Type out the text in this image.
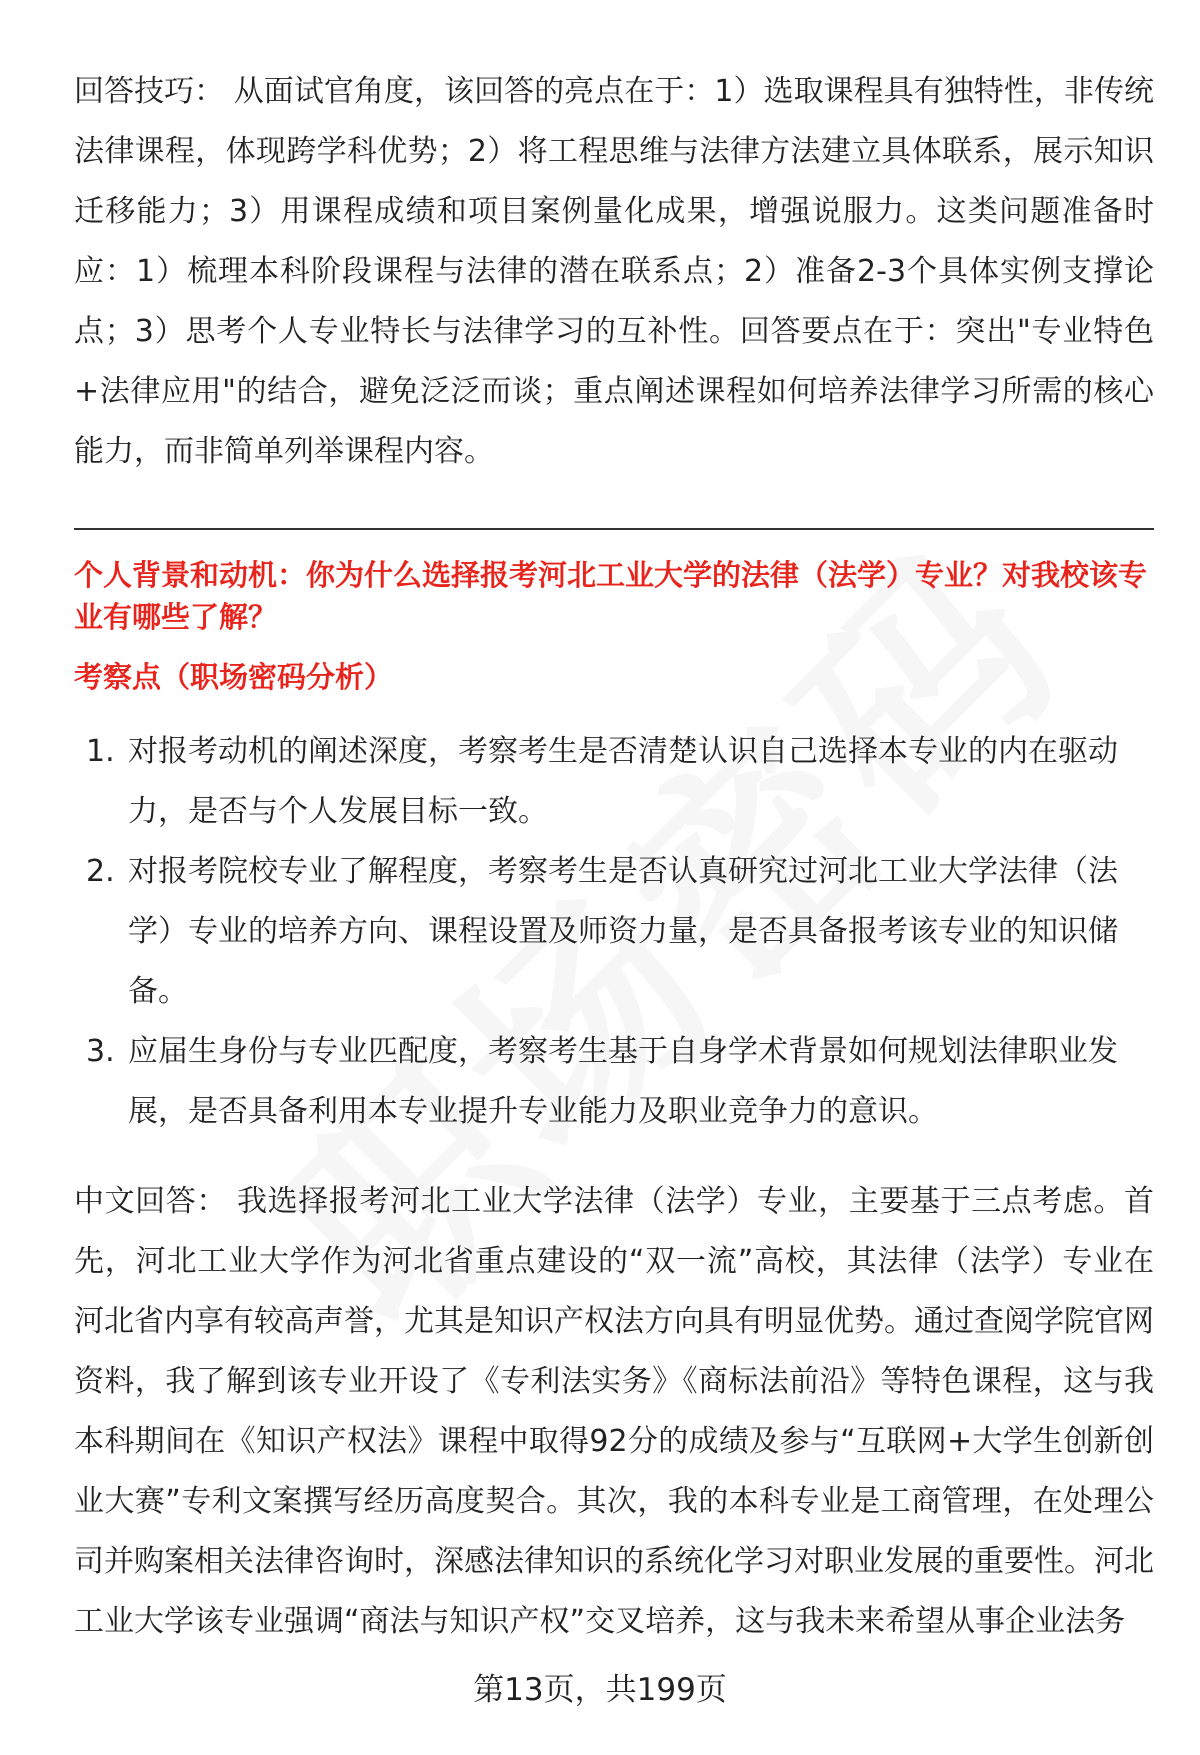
回答技巧： 从面试官角度，该回答的亮点在于：1）选取课程具有独特性，非传统法律课程，体现跨学科优势；2）将工程思维与法律方法建立具体联系，展示知识迁移能力；3）用课程成绩和项目案例量化成果，增强说服力。这类问题准备时应：1）梳理本科阶段课程与法律的潜在联系点；2）准备2-3个具体实例支撑论点；3）思考个人专业特长与法律学习的互补性。回答要点在于：突出"专业特色+法律应用"的结合，避免泛泛而谈；重点阐述课程如何培养法律学习所需的核心能力，而非简单列举课程内容。

个人背景和动机：你为什么选择报考河北工业大学的法律（法学）专业？对我校该专业有哪些了解？

考察点（职场密码分析）

1. 对报考动机的阐述深度，考察考生是否清楚认识自己选择本专业的内在驱动力，是否与个人发展目标一致。
2. 对报考院校专业了解程度，考察考生是否认真研究过河北工业大学法律（法学）专业的培养方向、课程设置及师资力量，是否具备报考该专业的知识储备。
3. 应届生身份与专业匹配度，考察考生基于自身学术背景如何规划法律职业发展，是否具备利用本专业提升专业能力及职业竞争力的意识。

中文回答： 我选择报考河北工业大学法律（法学）专业，主要基于三点考虑。首先，河北工业大学作为河北省重点建设的“双一流”高校，其法律（法学）专业在河北省内享有较高声誉，尤其是知识产权法方向具有明显优势。通过查阅学院官网资料，我了解到该专业开设了《专利法实务》《商标法前沿》等特色课程，这与我本科期间在《知识产权法》课程中取得92分的成绩及参与“互联网+大学生创新创业大赛”专利文案撰写经历高度契合。其次，我的本科专业是工商管理，在处理公司并购案相关法律咨询时，深感法律知识的系统化学习对职业发展的重要性。河北工业大学该专业强调“商法与知识产权”交叉培养，这与我未来希望从事企业法务

第13页，共199页
